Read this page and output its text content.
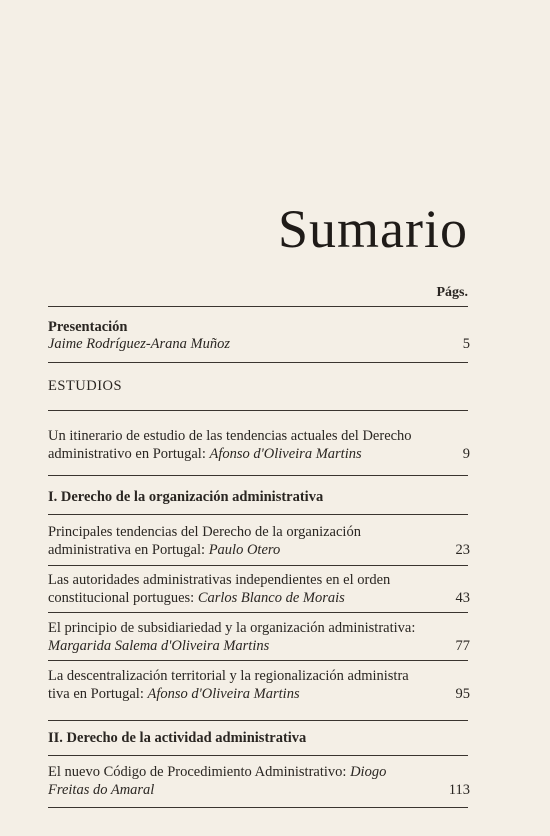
Sumario
Págs.
Presentación
Jaime Rodríguez-Arana Muñoz	5
ESTUDIOS
Un itinerario de estudio de las tendencias actuales del Derecho
administrativo en Portugal: Afonso d'Oliveira Martins	9
I. Derecho de la organización administrativa
Principales tendencias del Derecho de la organización
administrativa en Portugal: Paulo Otero	23
Las autoridades administrativas independientes en el orden
constitucional portugues: Carlos Blanco de Morais	43
El principio de subsidiariedad y la organización administrativa:
Margarida Salema d'Oliveira Martins	77
La descentralización territorial y la regionalización administra
tiva en Portugal: Afonso d'Oliveira Martins	95
II. Derecho de la actividad administrativa
El nuevo Código de Procedimiento Administrativo: Diogo
Freitas do Amaral	113
